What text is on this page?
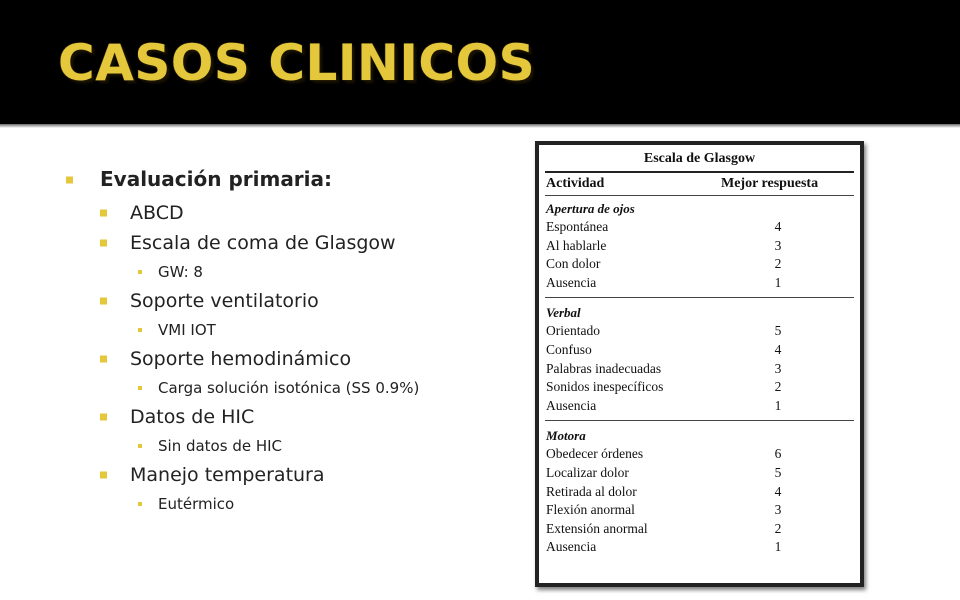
CASOS CLINICOS
Evaluación primaria:
ABCD
Escala de coma de Glasgow
GW: 8
Soporte ventilatorio
VMI IOT
Soporte hemodinámico
Carga solución isotónica (SS 0.9%)
Datos de HIC
Sin datos de HIC
Manejo temperatura
Eutérmico
Escala de Glasgow
Actividad	Mejor respuesta
Apertura de ojos
Espontánea	4
Al hablarle	3
Con dolor	2
Ausencia	1
Verbal
Orientado	5
Confuso	4
Palabras inadecuadas	3
Sonidos inespecíficos	2
Ausencia	1
Motora
Obedecer órdenes	6
Localizar dolor	5
Retirada al dolor	4
Flexión anormal	3
Extensión anormal	2
Ausencia	1
